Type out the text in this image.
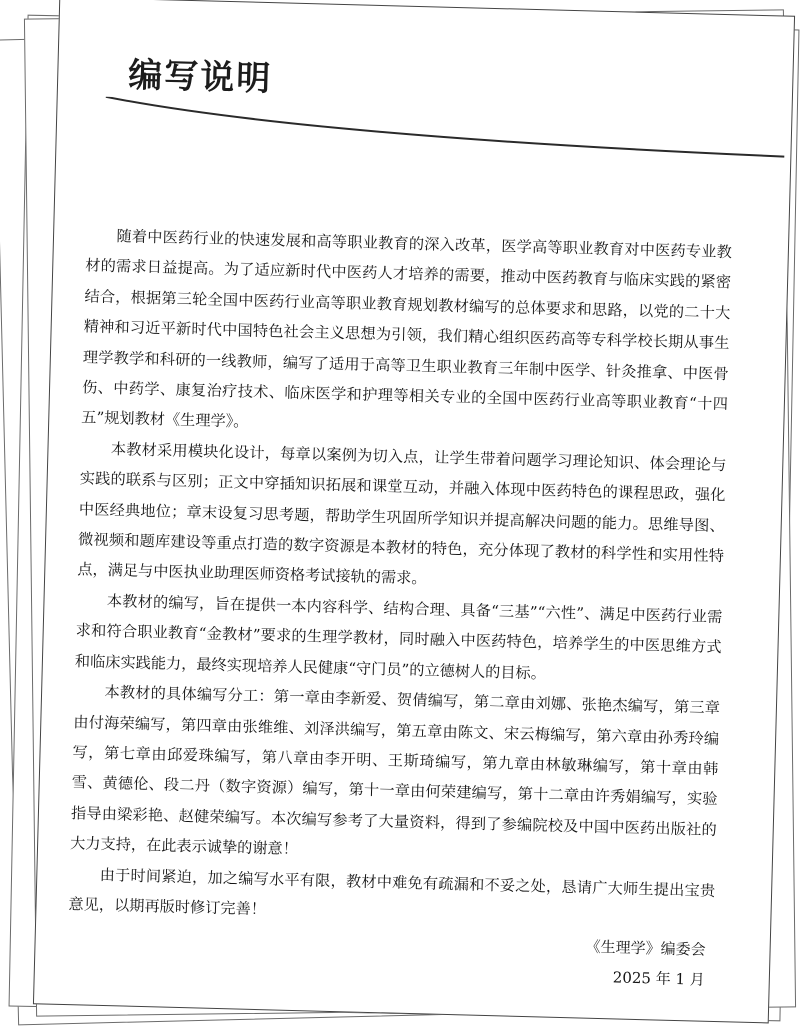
编写说明

随着中医药行业的快速发展和高等职业教育的深入改革，医学高等职业教育对中医药专业教材的需求日益提高。为了适应新时代中医药人才培养的需要，推动中医药教育与临床实践的紧密结合，根据第三轮全国中医药行业高等职业教育规划教材编写的总体要求和思路，以党的二十大精神和习近平新时代中国特色社会主义思想为引领，我们精心组织医药高等专科学校长期从事生理学教学和科研的一线教师，编写了适用于高等卫生职业教育三年制中医学、针灸推拿、中医骨伤、中药学、康复治疗技术、临床医学和护理等相关专业的全国中医药行业高等职业教育“十四五”规划教材《生理学》。

本教材采用模块化设计，每章以案例为切入点，让学生带着问题学习理论知识、体会理论与实践的联系与区别；正文中穿插知识拓展和课堂互动，并融入体现中医药特色的课程思政，强化中医经典地位；章末设复习思考题，帮助学生巩固所学知识并提高解决问题的能力。思维导图、微视频和题库建设等重点打造的数字资源是本教材的特色，充分体现了教材的科学性和实用性特点，满足与中医执业助理医师资格考试接轨的需求。

本教材的编写，旨在提供一本内容科学、结构合理、具备“三基”“六性”、满足中医药行业需求和符合职业教育“金教材”要求的生理学教材，同时融入中医药特色，培养学生的中医思维方式和临床实践能力，最终实现培养人民健康“守门员”的立德树人的目标。

本教材的具体编写分工：第一章由李新爱、贺倩编写，第二章由刘娜、张艳杰编写，第三章由付海荣编写，第四章由张维维、刘泽洪编写，第五章由陈文、宋云梅编写，第六章由孙秀玲编写，第七章由邱爱珠编写，第八章由李开明、王斯琦编写，第九章由林敏琳编写，第十章由韩雪、黄德伦、段二丹（数字资源）编写，第十一章由何荣建编写，第十二章由许秀娟编写，实验指导由梁彩艳、赵健荣编写。本次编写参考了大量资料，得到了参编院校及中国中医药出版社的大力支持，在此表示诚挚的谢意！

由于时间紧迫，加之编写水平有限，教材中难免有疏漏和不妥之处，恳请广大师生提出宝贵意见，以期再版时修订完善！

《生理学》编委会
2025 年 1 月
